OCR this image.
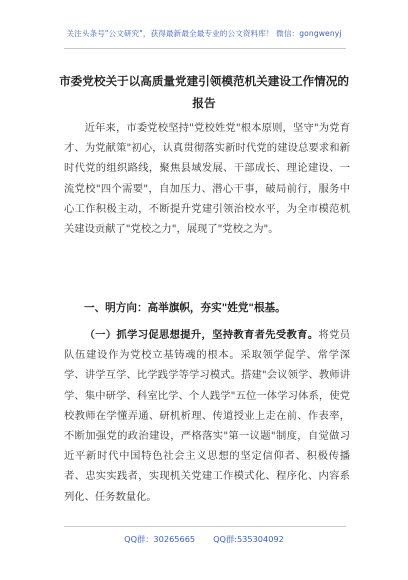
关注头条号"公文研究"，获得最新最全最专业的公文资料库！ 微信：gongwenyj
市委党校关于以高质量党建引领模范机关建设工作情况的
报告
近年来，市委党校坚持"党校姓党"根本原则，坚守"为党育才、为党献策"初心，认真贯彻落实新时代党的建设总要求和新时代党的组织路线，聚焦县域发展、干部成长、理论建设、一流党校"四个需要"，自加压力、潜心干事，破局前行，服务中心工作积极主动，不断提升党建引领治校水平，为全市模范机关建设贡献了"党校之力"，展现了"党校之为"。
一、明方向：高举旗帜，夯实"姓党"根基。
（一）抓学习促思想提升，坚持教育者先受教育。将党员队伍建设作为党校立基铸魂的根本。采取领学促学、常学深学、讲学互学、比学践学等学习模式。搭建"会议领学、教师讲学、集中研学、科室比学、个人践学"五位一体学习体系，使党校教师在学懂弄通、研机析理、传道授业上走在前、作表率，不断加强党的政治建设，严格落实"第一议题"制度，自觉做习近平新时代中国特色社会主义思想的坚定信仰者、积极传播者、忠实实践者，实现机关党建工作模式化、程序化、内容系列化、任务数量化。
QQ群：30265665 QQ群:535304092
